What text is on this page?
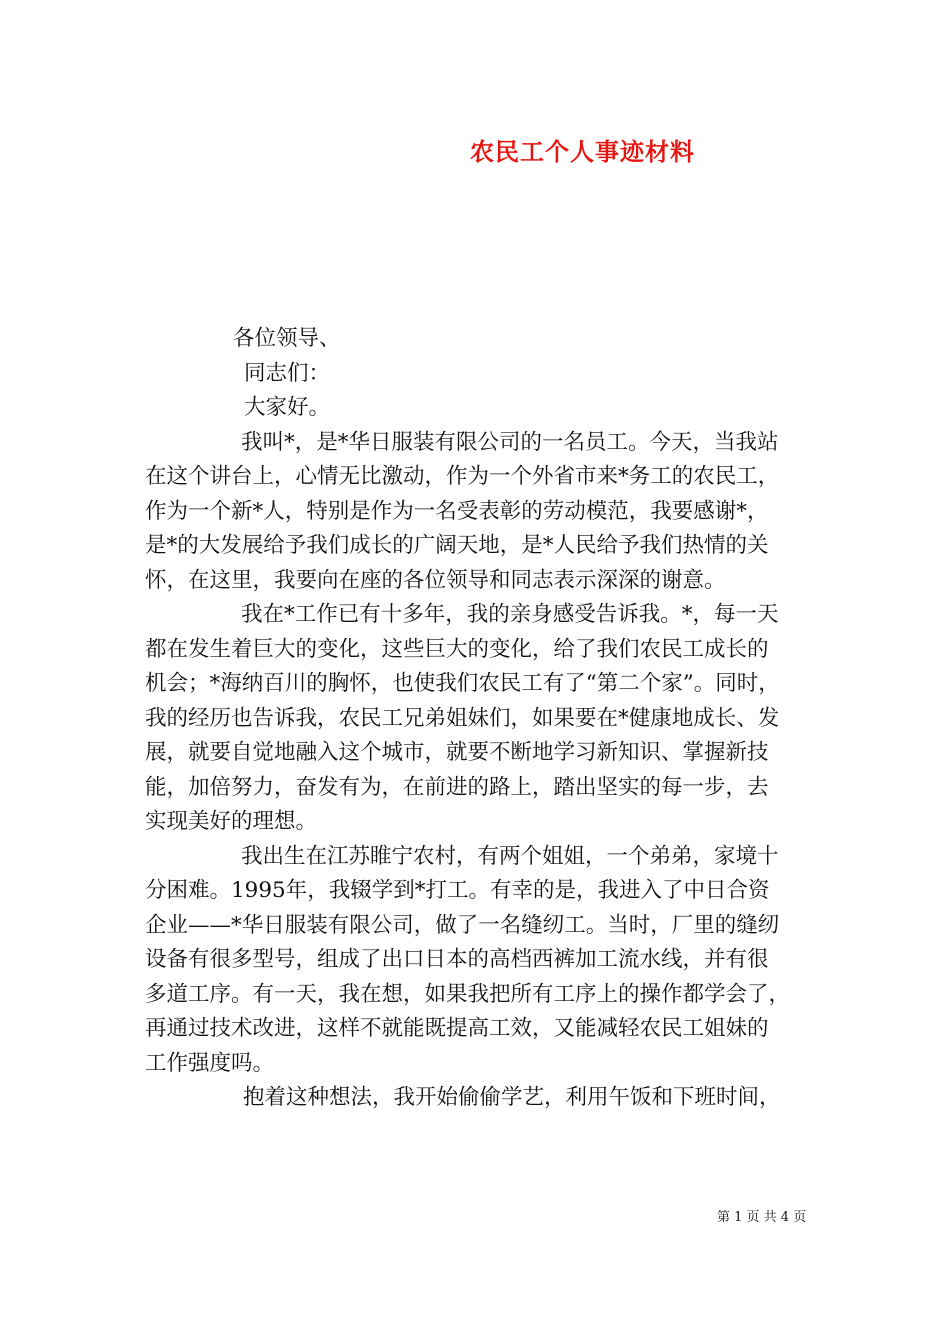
农民工个人事迹材料
各位领导、
同志们：
大家好。
我叫*，是*华日服装有限公司的一名员工。今天，当我站
在这个讲台上，心情无比激动，作为一个外省市来*务工的农民工，
作为一个新*人，特别是作为一名受表彰的劳动模范，我要感谢*，
是*的大发展给予我们成长的广阔天地，是*人民给予我们热情的关
怀，在这里，我要向在座的各位领导和同志表示深深的谢意。
我在*工作已有十多年，我的亲身感受告诉我。*，每一天
都在发生着巨大的变化，这些巨大的变化，给了我们农民工成长的
机会；*海纳百川的胸怀，也使我们农民工有了“第二个家”。同时，
我的经历也告诉我，农民工兄弟姐妹们，如果要在*健康地成长、发
展，就要自觉地融入这个城市，就要不断地学习新知识、掌握新技
能，加倍努力，奋发有为，在前进的路上，踏出坚实的每一步，去
实现美好的理想。
我出生在江苏睢宁农村，有两个姐姐，一个弟弟，家境十
分困难。1995年，我辍学到*打工。有幸的是，我进入了中日合资
企业——*华日服装有限公司，做了一名缝纫工。当时，厂里的缝纫
设备有很多型号，组成了出口日本的高档西裤加工流水线，并有很
多道工序。有一天，我在想，如果我把所有工序上的操作都学会了，
再通过技术改进，这样不就能既提高工效，又能减轻农民工姐妹的
工作强度吗。
抱着这种想法，我开始偷偷学艺，利用午饭和下班时间，
第 1 页 共 4 页
